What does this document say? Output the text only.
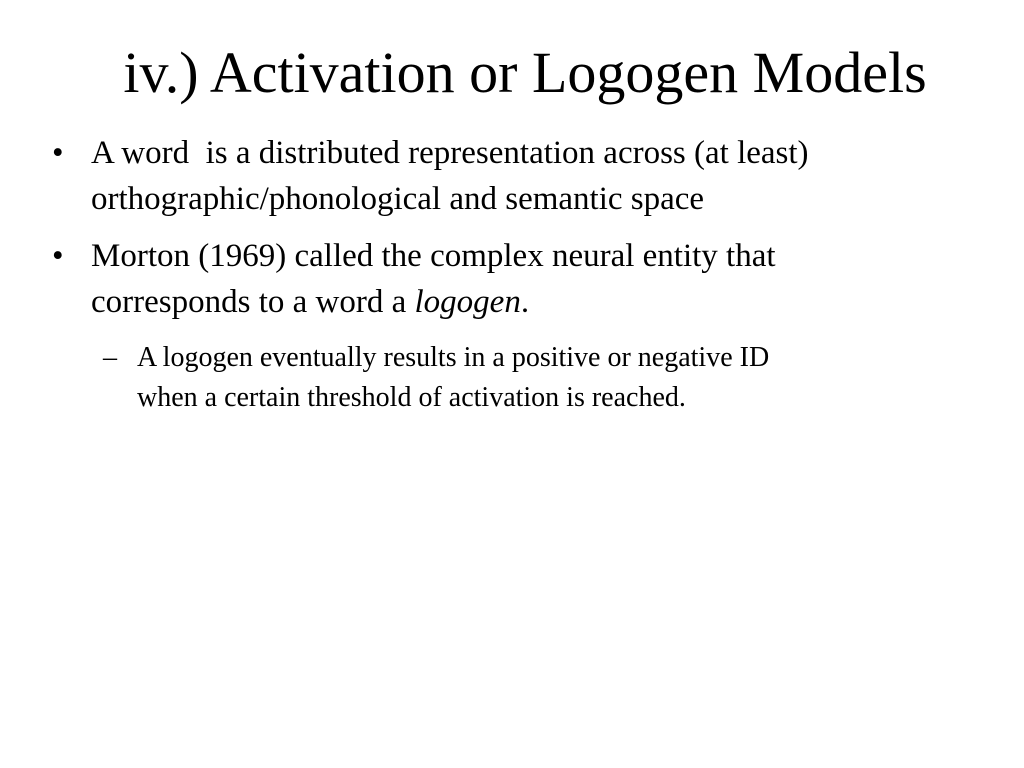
iv.) Activation or Logogen Models
• A word  is a distributed representation across (at least)
orthographic/phonological and semantic space
• Morton (1969) called the complex neural entity that
corresponds to a word a logogen.
– A logogen eventually results in a positive or negative ID
when a certain threshold of activation is reached.
